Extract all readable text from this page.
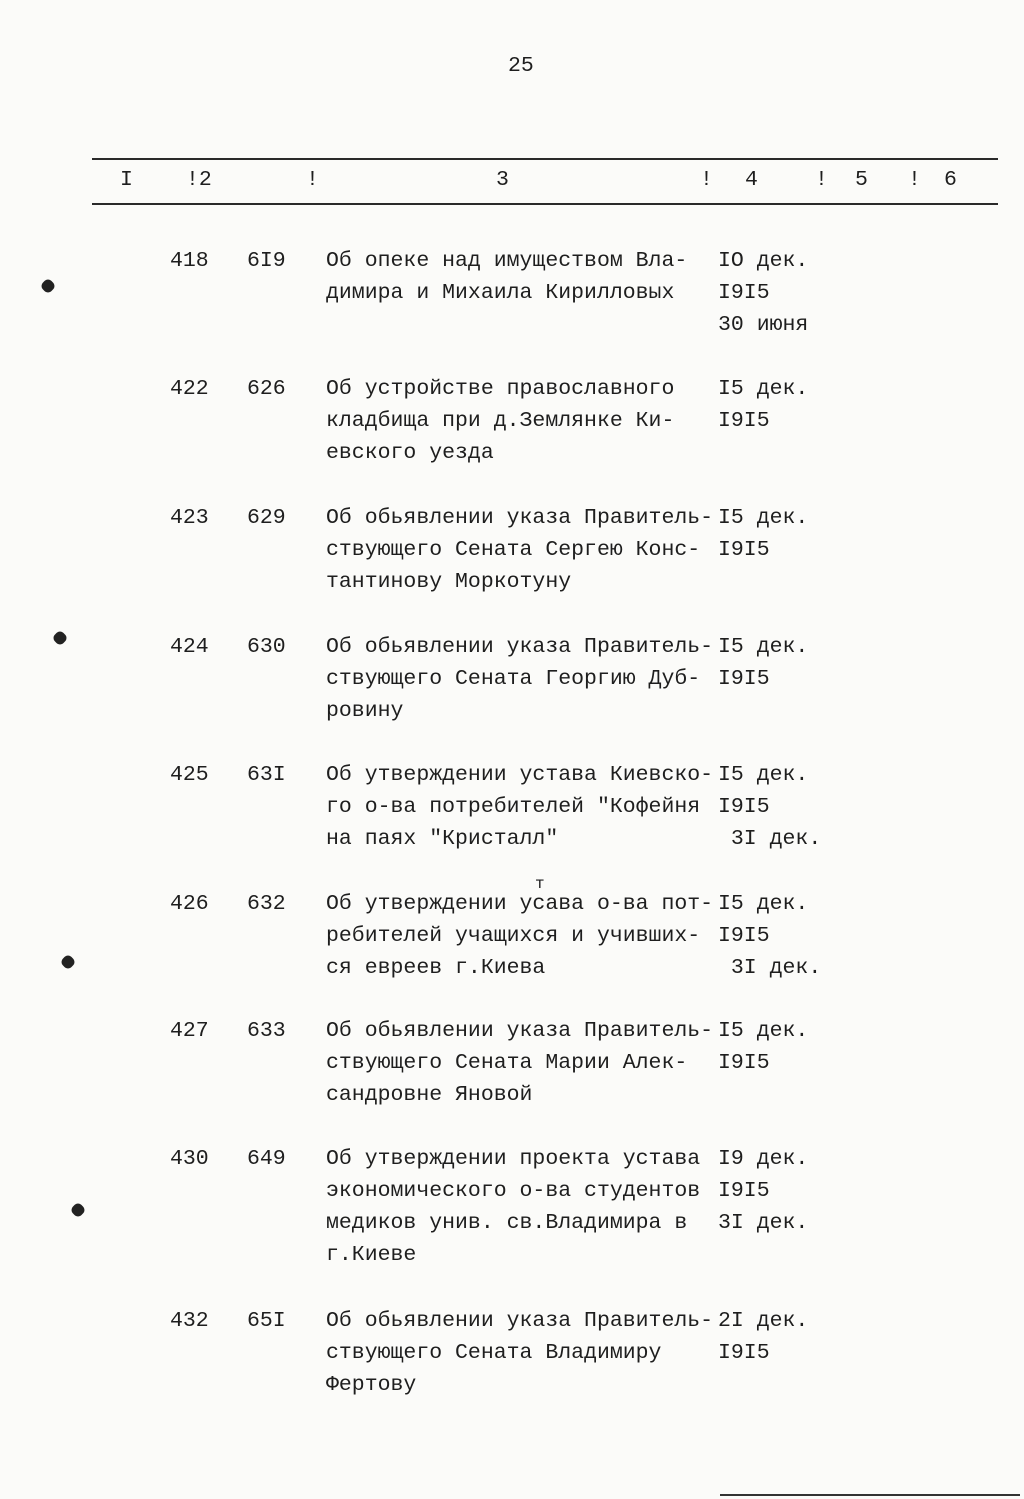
25
I !2	!	3	! 4	! 5 ! 6
418 6I9 Об опеке над имуществом Вла-
димира и Михаила Кирилловых
IO дек.
I9I5
30 июня
422 626 Об устройстве православного
кладбища при д.Землянке Ки-
евского уезда
I5 дек.
I9I5
423 629 Об обьявлении указа Правитель-
ствующего Сената Сергею Конс-
тантинову Моркотуну
I5 дек.
I9I5
424 630 Об обьявлении указа Правитель-
ствующего Сената Георгию Дуб-
ровину
I5 дек.
I9I5
425 63I Об утверждении устава Киевско-
го о-ва потребителей "Кофейня
на паях "Кристалл"
I5 дек.
I9I5
3I дек.
426 632 Об утверждении усава о-ва пот-
ребителей учащихся и учивших-
ся евреев г.Киева
т
I5 дек.
I9I5
3I дек.
427 633 Об обьявлении указа Правитель-
ствующего Сената Марии Алек-
сандровне Яновой
I5 дек.
I9I5
430 649 Об утверждении проекта устава
экономического о-ва студентов
медиков унив. св.Владимира в
г.Киеве
I9 дек.
I9I5
3I дек.
432 65I Об обьявлении указа Правитель-
ствующего Сената Владимиру
Фертову
2I дек.
I9I5
